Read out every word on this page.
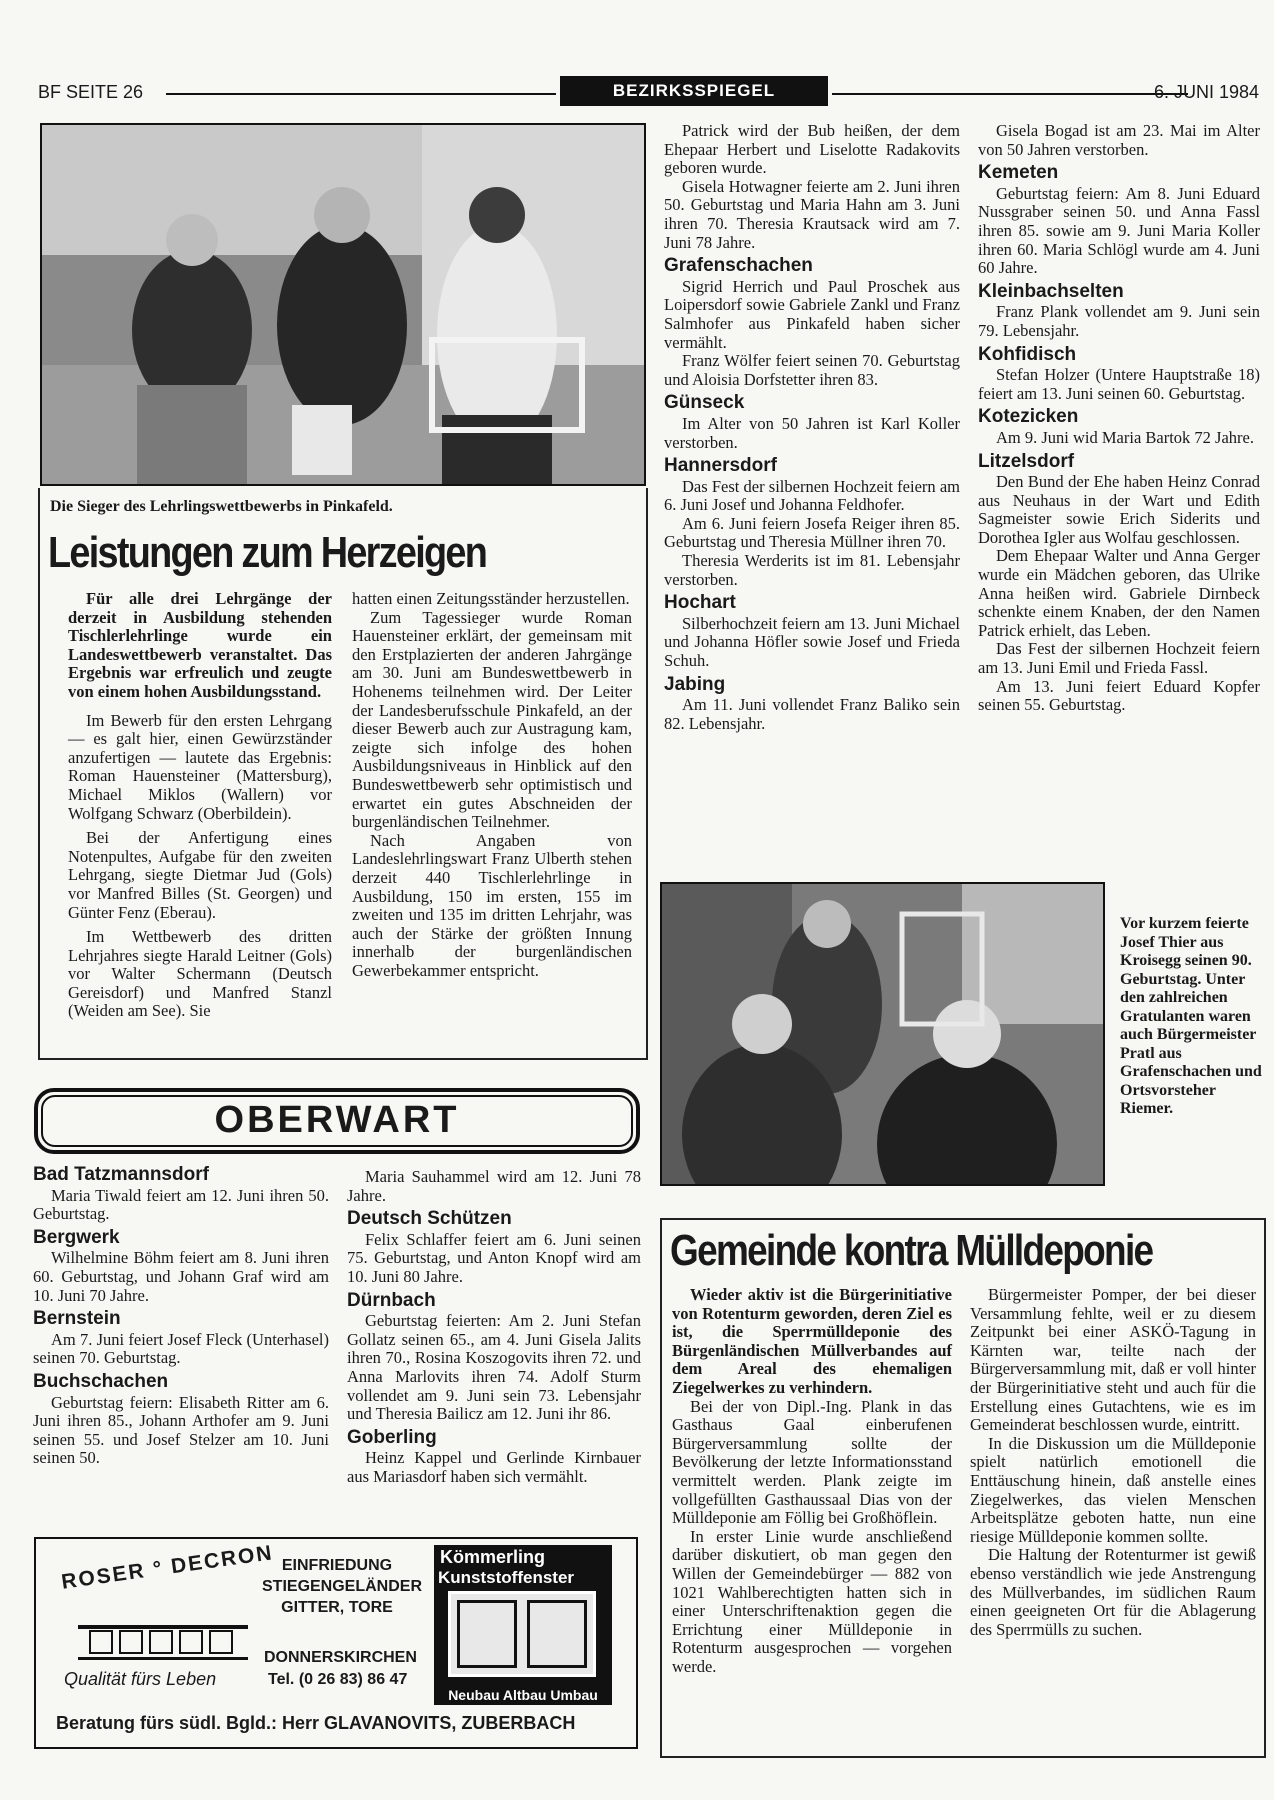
BF SEITE 26	BEZIRKSSPIEGEL	6. JUNI 1984
Die Sieger des Lehrlingswettbewerbs in Pinkafeld.
Leistungen zum Herzeigen

Für alle drei Lehrgänge der derzeit in Ausbildung stehenden Tischlerlehrlinge wurde ein Landeswettbewerb veranstaltet. Das Ergebnis war erfreulich und zeugte von einem hohen Ausbildungsstand.

Im Bewerb für den ersten Lehrgang — es galt hier, einen Gewürzständer anzufertigen — lautete das Ergebnis: Roman Hauensteiner (Mattersburg), Michael Miklos (Wallern) vor Wolfgang Schwarz (Oberbildein).

Bei der Anfertigung eines Notenpultes, Aufgabe für den zweiten Lehrgang, siegte Dietmar Jud (Gols) vor Manfred Billes (St. Georgen) und Günter Fenz (Eberau).

Im Wettbewerb des dritten Lehrjahres siegte Harald Leitner (Gols) vor Walter Schermann (Deutsch Gereisdorf) und Manfred Stanzl (Weiden am See). Sie

hatten einen Zeitungsständer herzustellen.

Zum Tagessieger wurde Roman Hauensteiner erklärt, der gemeinsam mit den Erstplazierten der anderen Jahrgänge am 30. Juni am Bundeswettbewerb in Hohenems teilnehmen wird. Der Leiter der Landesberufsschule Pinkafeld, an der dieser Bewerb auch zur Austragung kam, zeigte sich infolge des hohen Ausbildungsniveaus in Hinblick auf den Bundeswettbewerb sehr optimistisch und erwartet ein gutes Abschneiden der burgenländischen Teilnehmer.

Nach Angaben von Landeslehrlingswart Franz Ulberth stehen derzeit 440 Tischlerlehrlinge in Ausbildung, 150 im ersten, 155 im zweiten und 135 im dritten Lehrjahr, was auch der Stärke der größten Innung innerhalb der burgenländischen Gewerbekammer entspricht.

Patrick wird der Bub heißen, der dem Ehepaar Herbert und Liselotte Radakovits geboren wurde.

Gisela Hotwagner feierte am 2. Juni ihren 50. Geburtstag und Maria Hahn am 3. Juni ihren 70. Theresia Krautsack wird am 7. Juni 78 Jahre.

Grafenschachen

Sigrid Herrich und Paul Proschek aus Loipersdorf sowie Gabriele Zankl und Franz Salmhofer aus Pinkafeld haben sicher vermählt.

Franz Wölfer feiert seinen 70. Geburtstag und Aloisia Dorfstetter ihren 83.

Günseck

Im Alter von 50 Jahren ist Karl Koller verstorben.

Hannersdorf

Das Fest der silbernen Hochzeit feiern am 6. Juni Josef und Johanna Feldhofer.

Am 6. Juni feiern Josefa Reiger ihren 85. Geburtstag und Theresia Müllner ihren 70.

Theresia Werderits ist im 81. Lebensjahr verstorben.

Hochart

Silberhochzeit feiern am 13. Juni Michael und Johanna Höfler sowie Josef und Frieda Schuh.

Jabing

Am 11. Juni vollendet Franz Baliko sein 82. Lebensjahr.

Gisela Bogad ist am 23. Mai im Alter von 50 Jahren verstorben.

Kemeten

Geburtstag feiern: Am 8. Juni Eduard Nussgraber seinen 50. und Anna Fassl ihren 85. sowie am 9. Juni Maria Koller ihren 60. Maria Schlögl wurde am 4. Juni 60 Jahre.

Kleinbachselten

Franz Plank vollendet am 9. Juni sein 79. Lebensjahr.

Kohfidisch

Stefan Holzer (Untere Hauptstraße 18) feiert am 13. Juni seinen 60. Geburtstag.

Kotezicken

Am 9. Juni wid Maria Bartok 72 Jahre.

Litzelsdorf

Den Bund der Ehe haben Heinz Conrad aus Neuhaus in der Wart und Edith Sagmeister sowie Erich Siderits und Dorothea Igler aus Wolfau geschlossen.

Dem Ehepaar Walter und Anna Gerger wurde ein Mädchen geboren, das Ulrike Anna heißen wird. Gabriele Dirnbeck schenkte einem Knaben, der den Namen Patrick erhielt, das Leben.

Das Fest der silbernen Hochzeit feiern am 13. Juni Emil und Frieda Fassl.

Am 13. Juni feiert Eduard Kopfer seinen 55. Geburtstag.

Vor kurzem feierte Josef Thier aus Kroisegg seinen 90. Geburtstag. Unter den zahlreichen Gratulanten waren auch Bürgermeister Pratl aus Grafenschachen und Ortsvorsteher Riemer.
OBERWART
Bad Tatzmannsdorf

Maria Tiwald feiert am 12. Juni ihren 50. Geburtstag.

Bergwerk

Wilhelmine Böhm feiert am 8. Juni ihren 60. Geburtstag, und Johann Graf wird am 10. Juni 70 Jahre.

Bernstein

Am 7. Juni feiert Josef Fleck (Unterhasel) seinen 70. Geburtstag.

Buchschachen

Geburtstag feiern: Elisabeth Ritter am 6. Juni ihren 85., Johann Arthofer am 9. Juni seinen 55. und Josef Stelzer am 10. Juni seinen 50.

Maria Sauhammel wird am 12. Juni 78 Jahre.

Deutsch Schützen

Felix Schlaffer feiert am 6. Juni seinen 75. Geburtstag, und Anton Knopf wird am 10. Juni 80 Jahre.

Dürnbach

Geburtstag feierten: Am 2. Juni Stefan Gollatz seinen 65., am 4. Juni Gisela Jalits ihren 70., Rosina Koszogovits ihren 72. und Anna Marlovits ihren 74. Adolf Sturm vollendet am 9. Juni sein 73. Lebensjahr und Theresia Bailicz am 12. Juni ihr 86.

Goberling

Heinz Kappel und Gerlinde Kirnbauer aus Mariasdorf haben sich vermählt.

ROSER ° DECRON
Qualität fürs Leben
EINFRIEDUNG
STIEGENGELÄNDER
GITTER, TORE
DONNERSKIRCHEN
Tel. (0 26 83) 86 47
Kömmerling
Kunststoffenster
Neubau Altbau Umbau
Beratung fürs südl. Bgld.: Herr GLAVANOVITS, ZUBERBACH
Gemeinde kontra Mülldeponie

Wieder aktiv ist die Bürgerinitiative von Rotenturm geworden, deren Ziel es ist, die Sperrmülldeponie des Bürgenländischen Müllverbandes auf dem Areal des ehemaligen Ziegelwerkes zu verhindern.

Bei der von Dipl.-Ing. Plank in das Gasthaus Gaal einberufenen Bürgerversammlung sollte der Bevölkerung der letzte Informationsstand vermittelt werden. Plank zeigte im vollgefüllten Gasthaussaal Dias von der Mülldeponie am Föllig bei Großhöflein.

In erster Linie wurde anschließend darüber diskutiert, ob man gegen den Willen der Gemeindebürger — 882 von 1021 Wahlberechtigten hatten sich in einer Unterschriftenaktion gegen die Errichtung einer Mülldeponie in Rotenturm ausgesprochen — vorgehen werde.

Bürgermeister Pomper, der bei dieser Versammlung fehlte, weil er zu diesem Zeitpunkt bei einer ASKÖ-Tagung in Kärnten war, teilte nach der Bürgerversammlung mit, daß er voll hinter der Bürgerinitiative steht und auch für die Erstellung eines Gutachtens, wie es im Gemeinderat beschlossen wurde, eintritt.

In die Diskussion um die Mülldeponie spielt natürlich emotionell die Enttäuschung hinein, daß anstelle eines Ziegelwerkes, das vielen Menschen Arbeitsplätze geboten hatte, nun eine riesige Mülldeponie kommen sollte.

Die Haltung der Rotenturmer ist gewiß ebenso verständlich wie jede Anstrengung des Müllverbandes, im südlichen Raum einen geeigneten Ort für die Ablagerung des Sperrmülls zu suchen.
